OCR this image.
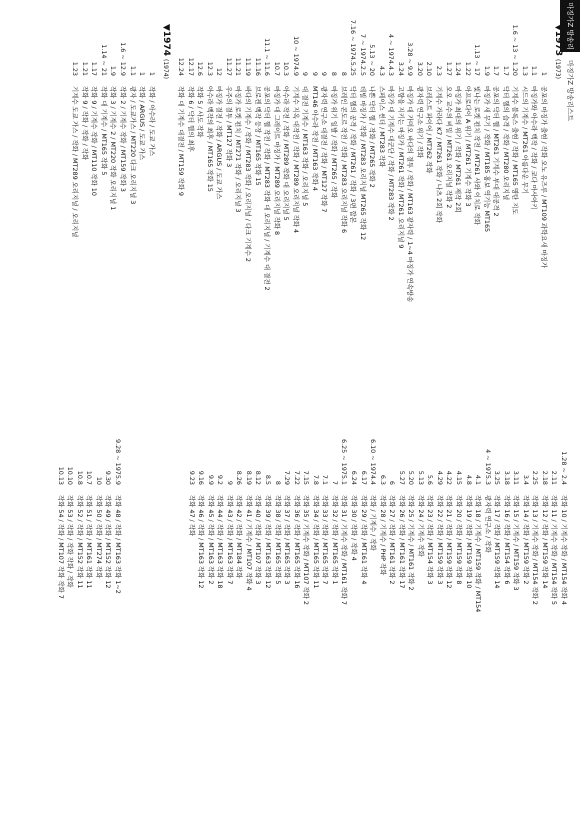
마징가Z 방송리스트
마징가Z 방송리스트
▼1973(1973)
1
공포의 마징가 출현 / 작화 오노 유즈루 / MT109 과학요새 마징가
1.1
마징가와 아수라 백작 / 작화 / 코다 마사아키
1.3
시드의 기계수 / MT261 아름다운 무기
1.6 ~ 13 ~ 1.20
기계수 블록스 출현 / 작화 / MT165 명탄 지도
1.7
닥터 헬의 습격 / 작화 / MT280 오리지널
1.7
공포의 닥터 헬 / MT261 기계수 부대 대공격 2
1.9
마징가 새 무기 / 작화 / MT185 홍보 역기능 MT165
1.13 ~ 17
빛나는 로켓 펀치 작전 / MT261 사와 이치로 작화
1.22
아프로다이 A 위기 / MT261 기계수 작화 3
1.24
마징가 최대의 위기 / 작화 / MT261 제작 2회
1.27
오오 교수의 비밀 / MT261 오리지널 작화 2
2.3
기계수 가라다 K7 / MT261 작화 / 나츠 2회 작화
2.10
브레스트 파이어 / MT262 작화
3.20
광자력 연구소 위기 / 작화
3.28 ~ 9.9
마징가 대 가미오 바다의 결투 / 작화 / MT163 광자력 / 1~4 마징가 연속방송
3.24
고향을 지키는 마징가 / MT261 작화 / MT261 오리지널 9
4 ~ 1974.4.3
마징가 대 기계수 대군단 / 작화 / MT283 작화 2
4.3
스페이스 썬더 / MT283 작화
5.13 ~ 20
나쁜 닥터 헬 / 작화 / MT265 작화 2
7 ~ 1974.2.5
데빌 마징가 / 작화 / MT283 오리지널 MT265 작화 12
7.16 ~ 1974.5.25
닥터 헬의 공격 / 작화 / MT261 / 작화 / 3편 합본
8
브레인 콘도르 작전 / 작화 / MT283 오리지널 작화 6
8
마징가 위기 일발 / 작화 / MT265 / 작화
9
광자력 연구소 대결전 / 작화 / MT127 작화 7
9
MT146 아수라 작전 / MT163 작화 4
9
대 결전 기계수 / MT163 작화 / 오리지널 5
10 ~ 1974.9
기계수 지옥 대작전 / 작화 / MT289 오리지널 작화 4
10.3
아수라 작전 / 작화 / MT289 작화 대 오리지널 5
10.7
마징가 대 그레이트 마징가 / MT289 오리지널 작화 8
11.1 ~ 11.6
공포의 닥터 헬 작전 / 작화 / MT283 작화 대 오리지널 / 기계수 대 결전 2
11.16
브로켄 백작 등장 / MT165 작화 15
11.19
바다의 기계수 / 작화 / MT283 작화 / 오리지널 / 다크 기계수 2
11.21
마징가 로켓 펀치 / MT271 작화 / 오리지널 3
11.27
우주의 결투 / MT127 작화 3
12
마징가 결전 / 작화 / ARGUS / 도쿄 가스
12.3
아수라 백작의 최후 / MT165 작화 15
12.6
작화 5 / 사도 작화
12.17
작화 6 / 닥터 헬의 최후
12.24
작화 대 기계수 대결전 / MT159 작화 9
▼1974(1974)
1
작화 / 아수라 / 도쿄 가스
1
작화 / ARGUS / 도쿄 가스
1.1
광자 / 도쿄가스 / MT220 다크 오리지널 3
1.6 ~ 12.9
작화 2 / 기계수 작화 / MT159 작화 3
1.9
작화 3 / 기계수 2 / MT220 작화 오리지널 1
1.14 ~ 21
작화 대 기계수 / MT165 작화 5
1.17
작화 9 / 기계수 작화 / MT110 작화 10
1.21
작화 9 / 작화 / 작화 / 작화
1.23
기계수 도쿄 가스 / 작화 / MT289 오리지널 / 오리지널
1.28 ~ 2.4
작화 10 / 기계수 작화 / MT154 작화 4
2.11
작화 11 / 기계수 작화 / MT154 작화 5
2.18
작화 12 / 작화 / MT159 작화 14
2.25
작화 13 / 기계수 작화 / MT154 작화 2
3.4
작화 14 / 작화 / MT159 작화 2
3.11
작화 15 / 기계수 / MT159 작화 3
3.18
작화 16 / 작화 / MT154 작화 6
3.25
작화 17 / 작화 / MT159 작화 14
4 ~ 1975.3
광자력 연구소 / 작화
4.1
작화 18 / 기계수 / MT159 작화 / MT154
4.8
작화 19 / 작화 / MT159 작화 10
4.15
작화 20 / 작화 / MT159 작화 8
4.22
작화 21 / 작화 / MT159 작화 12
4.29
작화 22 / 작화 / MT159 작화 3
5.6
작화 23 / 작화 / MT154 작화 3
5.13
작화 24 / 기계수 작화
5.20
작화 25 / 기계수 / MT161 작화 2
5.27
작화 26 / 작화 / MT161 작화 17
6
작화 27 / 작화 / MT161 작화 2
6.3
작화 28 / 기계수 / PHP 작화
6.10 ~ 1974.4
작화 / 기계수 / 작화
6.17
작화 29 / 작화 / MT161 작화 4
6.24
작화 30 / 작화 / 작화 4
6.25 ~ 1975.1
작화 31 / 기계수 작화 / MT161 작화 7
7
작화 32 / 작화 / MT165 작화 1
7.1
작화 33 / 작화 / MT165 작화 7
7.8
작화 34 / 작화 / MT165 작화 11
7.15
작화 35 / 기계수 작화 / MT107 작화 2
7.22
작화 36 / 작화 / MT165 작화 16
7.29
작화 37 / 작화 / MT165 작화 3
8
작화 38 / 작화 / MT165 작화 5
8.5
작화 39 / 작화 / MT163 작화 12
8.12
작화 40 / 작화 / MT107 작화 3
8.19
작화 41 / 기계수 / MT107 작화 4
8.26
작화 42 / 작화 / MT184 작화
9
작화 43 / 작화 / MT163 작화 7
9.2
작화 44 / 작화 / MT163 작화 18
9.9
작화 45 / 작화 / MT163 작화 2
9.16
작화 46 / 작화 / MT163 작화 12
9.23
작화 47 / 작화
9.28 ~ 1975.9
작화 48 / 작화 / MT163 작화 1~2
9.30
작화 49 / 작화 / MT152 작화 12
10
작화 50 / 작화 / MT274 작화
10.7
작화 51 / 작화 / MT161 작화 11
10.8
작화 52 / 작화 / MT152 작화 11
10.10
작화 53 / 작화 / 작화 작화 / 작화
10.13
작화 54 / 작화 / MT107 작화 작화 7
